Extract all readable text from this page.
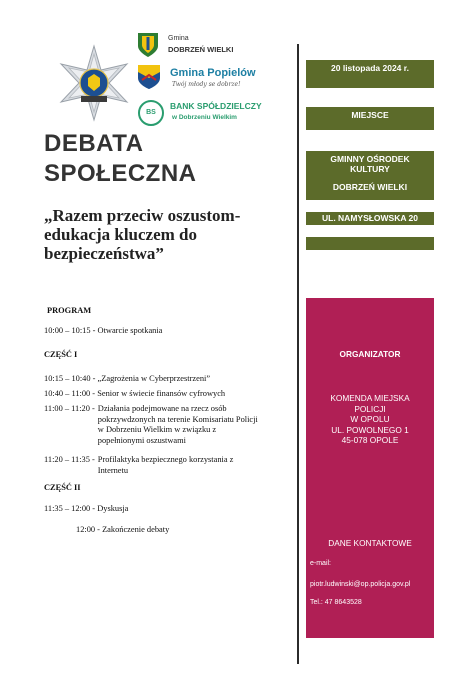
Gmina
DOBRZEŃ WIELKI
Gmina Popielów
Twój młody se dobrze!
BS
BANK SPÓŁDZIELCZY
w Dobrzeniu Wielkim
DEBATA
SPOŁECZNA
„Razem przeciw oszustom- edukacja kluczem do bezpieczeństwa”
PROGRAM
10:00 – 10:15 - Otwarcie spotkania
CZĘŚĆ I
10:15 – 10:40 - „Zagrożenia w Cyberprzestrzeni”
10:40 – 11:00 - Senior w świecie finansów cyfrowych
11:00 – 11:20 - Działania podejmowane na rzecz osób pokrzywdzonych na terenie Komisariatu Policji w Dobrzeniu Wielkim w związku z popełnionymi oszustwami
11:20 – 11:35 - Profilaktyka bezpiecznego korzystania z Internetu
CZĘŚĆ II
11:35 – 12:00 - Dyskusja
12:00 - Zakończenie debaty
20 listopada 2024 r.
MIEJSCE
GMINNY OŚRODEK KULTURY
DOBRZEŃ WIELKI
UL. NAMYSŁOWSKA 20
ORGANIZATOR
KOMENDA MIEJSKA POLICJI
W OPOLU
UL. POWOLNEGO 1
45-078 OPOLE
DANE KONTAKTOWE
e-mail:
piotr.ludwinski@op.policja.gov.pl
Tel.: 47 8643528
